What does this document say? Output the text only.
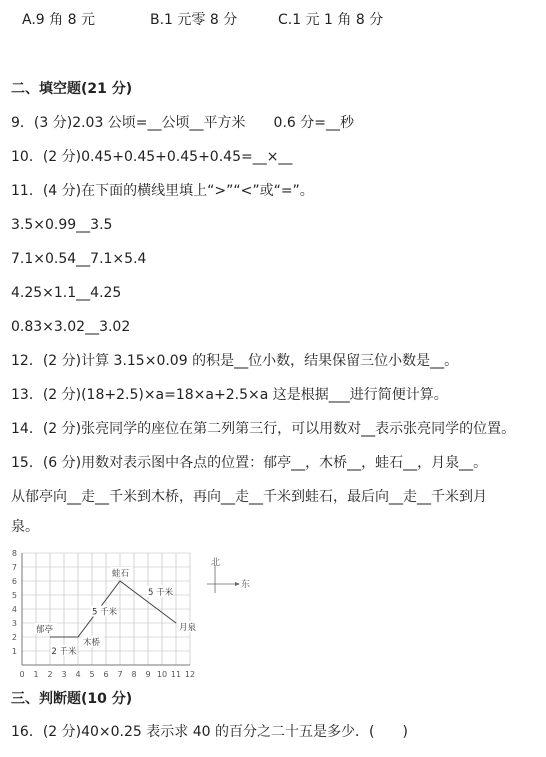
A.9 角 8 元	B.1 元零 8 分	C.1 元 1 角 8 分
二、填空题(21 分)
9．(3 分)2.03 公顷=__公顷__平方米　　0.6 分=__秒
10．(2 分)0.45+0.45+0.45+0.45=__×__
11．(4 分)在下面的横线里填上“>”“<”或“=”。
3.5×0.99__3.5
7.1×0.54__7.1×5.4
4.25×1.1__4.25
0.83×3.02__3.02
12．(2 分)计算 3.15×0.09 的积是__位小数，结果保留三位小数是__。
13．(2 分)(18+2.5)×a=18×a+2.5×a 这是根据___进行简便计算。
14．(2 分)张亮同学的座位在第二列第三行，可以用数对__表示张亮同学的位置。
15．(6 分)用数对表示图中各点的位置：郁亭__，木桥__，蛙石__，月泉__。
从郁亭向__走__千米到木桥，再向__走__千米到蛙石，最后向__走__千米到月
泉。
0 1 2 3 4 5 6 7 8 9 10 11 12
1
2
3
4
5
6
7
8
郁亭
木桥
蛙石
月泉
2 千米
5 千米
5 千米
北
东
三、判断题(10 分)
16．(2 分)40×0.25 表示求 40 的百分之二十五是多少．(　　)
